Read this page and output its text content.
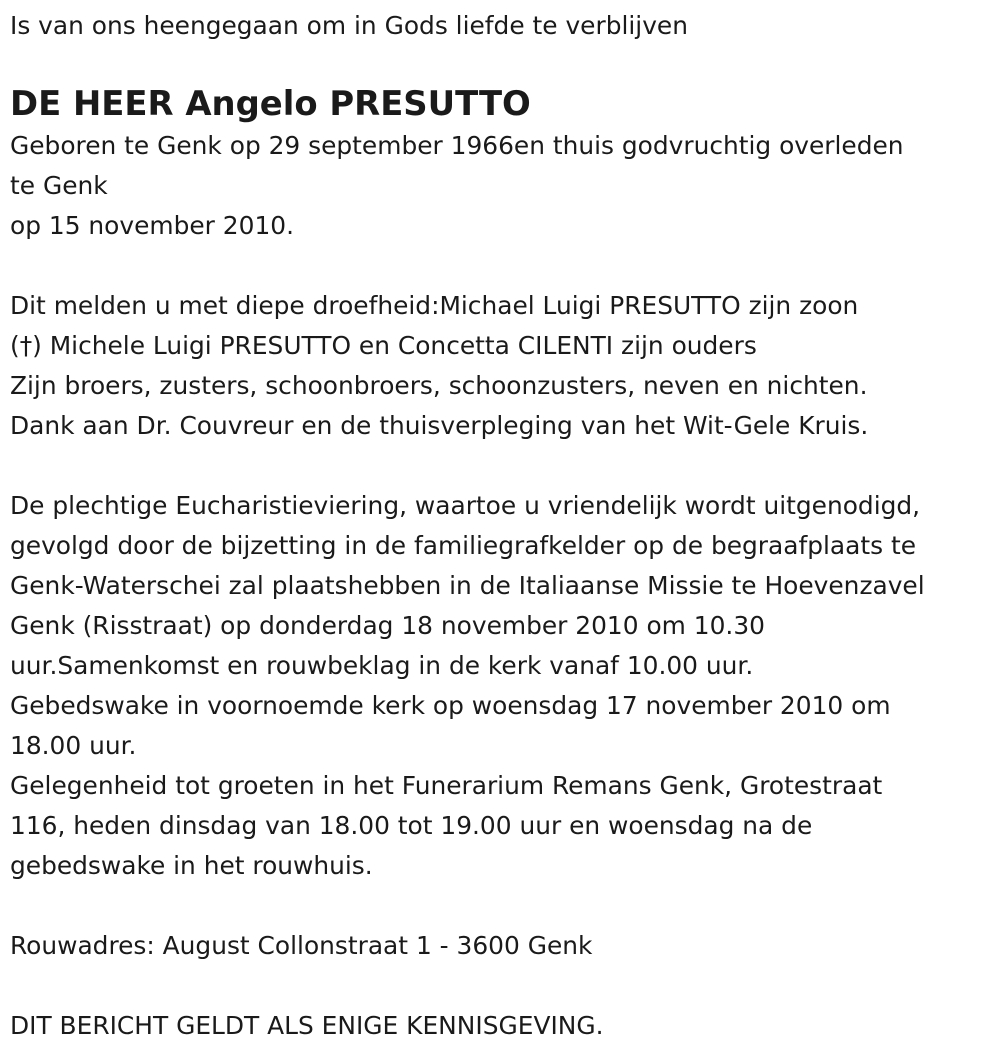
Is van ons heengegaan om in Gods liefde te verblijven
DE HEER Angelo PRESUTTO
Geboren te Genk op 29 september 1966en thuis godvruchtig overleden
te Genk
op 15 november 2010.
Dit melden u met diepe droefheid:Michael Luigi PRESUTTO zijn zoon
(†) Michele Luigi PRESUTTO en Concetta CILENTI zijn ouders
Zijn broers, zusters, schoonbroers, schoonzusters, neven en nichten.
Dank aan Dr. Couvreur en de thuisverpleging van het Wit-Gele Kruis.
De plechtige Eucharistieviering, waartoe u vriendelijk wordt uitgenodigd,
gevolgd door de bijzetting in de familiegrafkelder op de begraafplaats te
Genk-Waterschei zal plaatshebben in de Italiaanse Missie te Hoevenzavel
Genk (Risstraat) op donderdag 18 november 2010 om 10.30
uur.Samenkomst en rouwbeklag in de kerk vanaf 10.00 uur.
Gebedswake in voornoemde kerk op woensdag 17 november 2010 om
18.00 uur.
Gelegenheid tot groeten in het Funerarium Remans Genk, Grotestraat
116, heden dinsdag van 18.00 tot 19.00 uur en woensdag na de
gebedswake in het rouwhuis.
Rouwadres: August Collonstraat 1 - 3600 Genk
DIT BERICHT GELDT ALS ENIGE KENNISGEVING.
